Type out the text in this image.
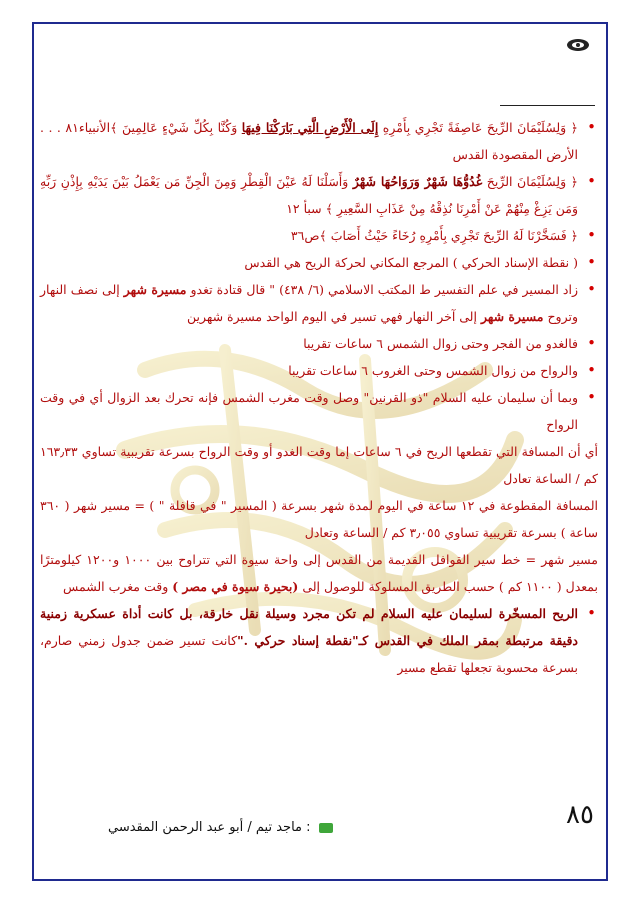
• ﴿ وَلِسُلَيْمَانَ الرِّيحَ عَاصِفَةً تَجْرِي بِأَمْرِهِ إِلَى الْأَرْضِ الَّتِي بَارَكْنَا فِيهَا وَكُنَّا بِكُلِّ شَيْءٍ عَالِمِينَ ﴾الأنبياء٨١ . . . الأرض المقصودة القدس

• ﴿ وَلِسُلَيْمَانَ الرِّيحَ غُدُوُّهَا شَهْرٌ وَرَوَاحُهَا شَهْرٌ وَأَسَلْنَا لَهُ عَيْنَ الْقِطْرِ وَمِنَ الْجِنِّ مَن يَعْمَلُ بَيْنَ يَدَيْهِ بِإِذْنِ رَبِّهِ وَمَن يَزِغْ مِنْهُمْ عَنْ أَمْرِنَا نُذِقْهُ مِنْ عَذَابِ السَّعِيرِ ﴾ سبأ ١٢

• ﴿ فَسَخَّرْنَا لَهُ الرِّيحَ تَجْرِي بِأَمْرِهِ رُخَاءً حَيْثُ أَصَابَ ﴾ص٣٦

• ( نقطة الإسناد الحركي ) المرجع المكاني لحركة الريح هي القدس

• زاد المسير في علم التفسير ط المكتب الاسلامي (٦/ ٤٣٨) " قال قتادة تغدو مسيرة شهر إلى نصف النهار وتروح مسيرة شهر إلى آخر النهار فهي تسير في اليوم الواحد مسيرة شهرين

• فالغدو من الفجر وحتى زوال الشمس ٦ ساعات تقريبا

• والرواح من زوال الشمس وحتى الغروب ٦ ساعات تقريبا

• وبما أن سليمان عليه السلام "ذو القرنين" وصل وقت مغرب الشمس فإنه تحرك بعد الزوال أي في وقت الرواح

أي أن المسافة التي تقطعها الريح في ٦ ساعات إما وقت الغدو أو وقت الرواح بسرعة تقريبية تساوي ١٦٣٫٣٣ كم / الساعة تعادل

المسافة المقطوعة في ١٢ ساعة في اليوم لمدة شهر بسرعة ( المسير " في قافلة " ) = مسير شهر ( ٣٦٠ ساعة ) بسرعة تقريبية تساوي ٣٫٠٥٥ كم / الساعة وتعادل

مسير شهر = خط سير القوافل القديمة من القدس إلى واحة سيوة التي تتراوح بين ١٠٠٠ و١٢٠٠ كيلومترًا بمعدل ( ١١٠٠ كم ) حسب الطريق المسلوكة للوصول إلى (بحيرة سيوة في مصر ) وقت مغرب الشمس

• الريح المسخّرة لسليمان عليه السلام لم تكن مجرد وسيلة نقل خارقة، بل كانت أداة عسكرية زمنية دقيقة مرتبطة بمقر الملك في القدس كـ"نقطة إسناد حركي ."كانت تسير ضمن جدول زمني صارم، بسرعة محسوبة تجعلها تقطع مسير

٨٥
: ماجد تيم / أبو عبد الرحمن المقدسي
